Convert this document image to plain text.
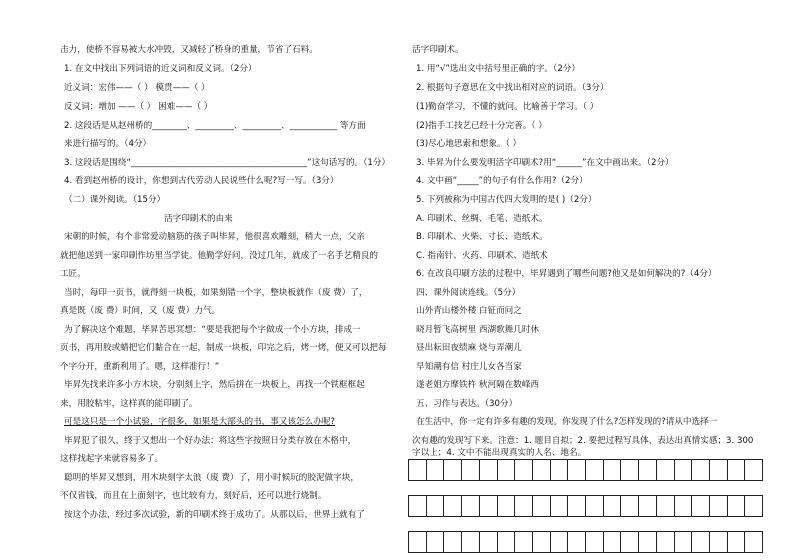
击力，使桥不容易被大水冲毁，又减轻了桥身的重量，节省了石料。
1. 在文中找出下列词语的近义词和反义词。（2分）
近义词：宏伟——（ ） 模贯——（ ）
反义词：增加 ——（ ） 困难——（ ）
2. 这段话是从赵州桥的________、_________、_________、___________ 等方面
来进行描写的。（4分）
3. 这段话是围绕“_________________________________________”这句话写的。（1分）
4. 看到赵州桥的设计，你想到古代劳动人民说些什么呢?写一写。（3分）
（二）课外阅读。（15分）
活字印刷术的由来
宋朝的时候，有个非常爱动脑筋的孩子叫毕昇，他很喜欢雕刻，稍大一点，父亲
就把他送到一家印刷作坊里当学徒。他勤学好问，没过几年，就成了一名手艺精良的
工匠。
当时，每印一页书，就得刻一块板，如果刻错一个字，整块板就作（废 费）了，
真是既（废 费）时间，又（废 费）力气。
为了解决这个难题，毕昇苦思冥想：“要是我把每个字做成一个小方块，排成一
页书，再用胶或蜡把它们黏合在一起，制成一块板，印完之后，烤一烤，便又可以把每
个字分开，重新利用了。嗯，这样准行！”
毕昇先找来许多小方木块，分别刻上字，然后拼在一块板上，再找一个铁框框起
来，用胶粘牢，这样真的能印刷了。
可是这只是一个小试验，字很多，如果是大部头的书，事又该怎么办呢?
毕昇犯了很久，终于又想出一个好办法：将这些字按照日分类存放在木格中，
这样找起字来就容易多了。
聪明的毕昇又想到，用木块刻字太浪（废 费）了，用小时候玩的胶泥做字块，
不仅省钱，而且在上面刻字，也比较有力，刻好后，还可以进行烧制。
按这个办法，经过多次试验，新的印刷术终于成功了。从那以后，世界上就有了
活字印刷术。
1. 用“√”选出文中括号里正确的字。（2分）
2. 根据句子意思在文中找出相对应的词语。（3分）
(1)勤奋学习，不懂的就问。比喻善于学习。（ ）
(2)指手工技艺已经十分完善。（ ）
(3)尽心地思索和想象。（ ）
3. 毕昇为什么要发明活字印刷术?用“______”在文中画出来。（2分）
4. 文中画“_____”的句子有什么作用?（2分）
5. 下列被称为中国古代四大发明的是( )（2分）
A. 印刷术、丝绸、毛笔、造纸术。
B. 印刷术、火柴、寸长、造纸术。
C. 指南针、火药、印刷术、造纸术
6. 在改良印刷方法的过程中，毕昇遇到了哪些问题?他又是如何解决的?（4分）
四、课外阅读连线。（5分）
山外青山楼外楼 白钲而问之
晓月暂飞高树里 西湖歌舞几时休
昼出耘田夜绩麻 烧与弄潮儿
早知潮有信 村庄儿女各当家
遂老姐方摩铁杵 秋河隔在数峰西
五、习作与表达。（30分）
在生活中，你一定有许多有趣的发现。你发现了什么?怎样发现的?请从中选择一
次有趣的发现写下来。注意：1. 题目自拟；2. 要把过程写具体，表达出真情实感；3. 300
字以上；4. 文中不能出现真实的人名、地名。
